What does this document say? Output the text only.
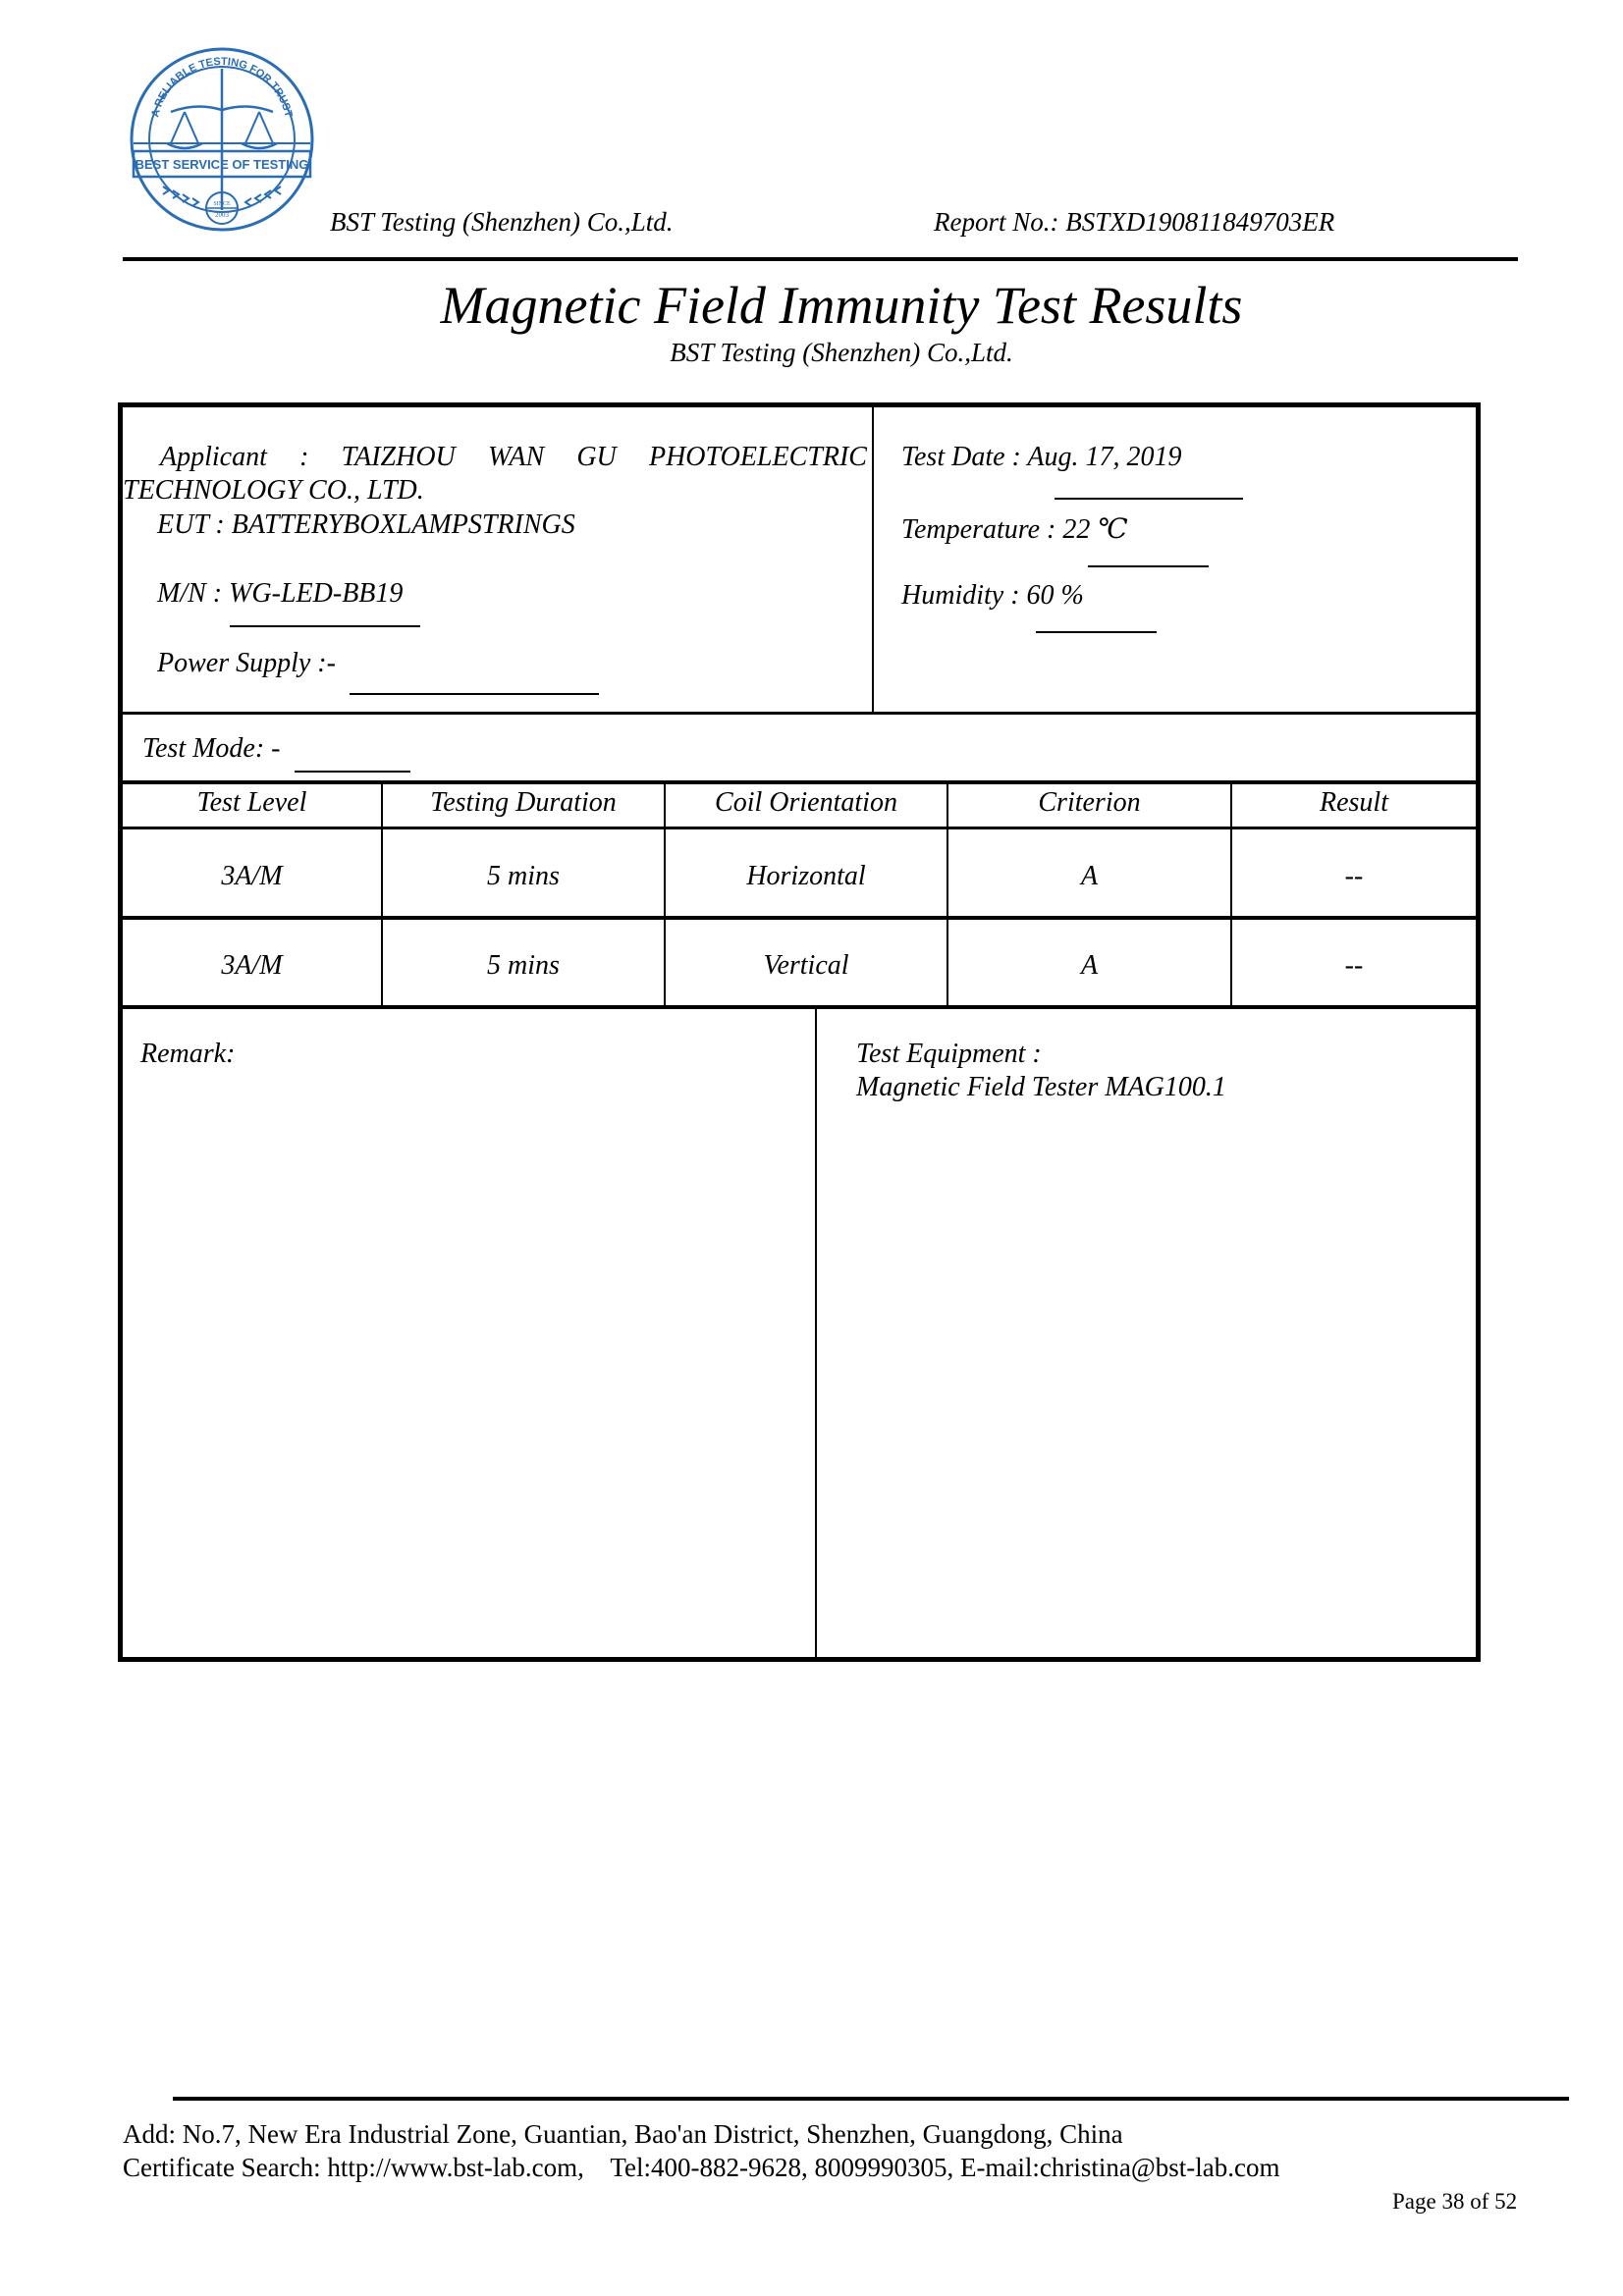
A RELIABLE TESTING FOR TRUST
BEST SERVICE OF TESTING
SINCE
2003	BST Testing (Shenzhen) Co.,Ltd.	Report No.: BSTXD190811849703ER
Magnetic Field Immunity Test Results
BST Testing (Shenzhen) Co.,Ltd.
Applicant : TAIZHOU WAN GU PHOTOELECTRIC
TECHNOLOGY CO., LTD.
EUT : BATTERYBOXLAMPSTRINGS
M/N : WG-LED-BB19
Power Supply :-
Test Date : Aug. 17, 2019
Temperature : 22 ℃
Humidity : 60 %
Test Mode: -
Test Level	Testing Duration	Coil Orientation	Criterion	Result
3A/M	5 mins	Horizontal	A	--
3A/M	5 mins	Vertical	A	--
Remark:	Test Equipment :
Magnetic Field Tester MAG100.1
Add: No.7, New Era Industrial Zone, Guantian, Bao'an District, Shenzhen, Guangdong, China
Certificate Search: http://www.bst-lab.com,    Tel:400-882-9628, 8009990305, E-mail:christina@bst-lab.com
Page 38 of 52
